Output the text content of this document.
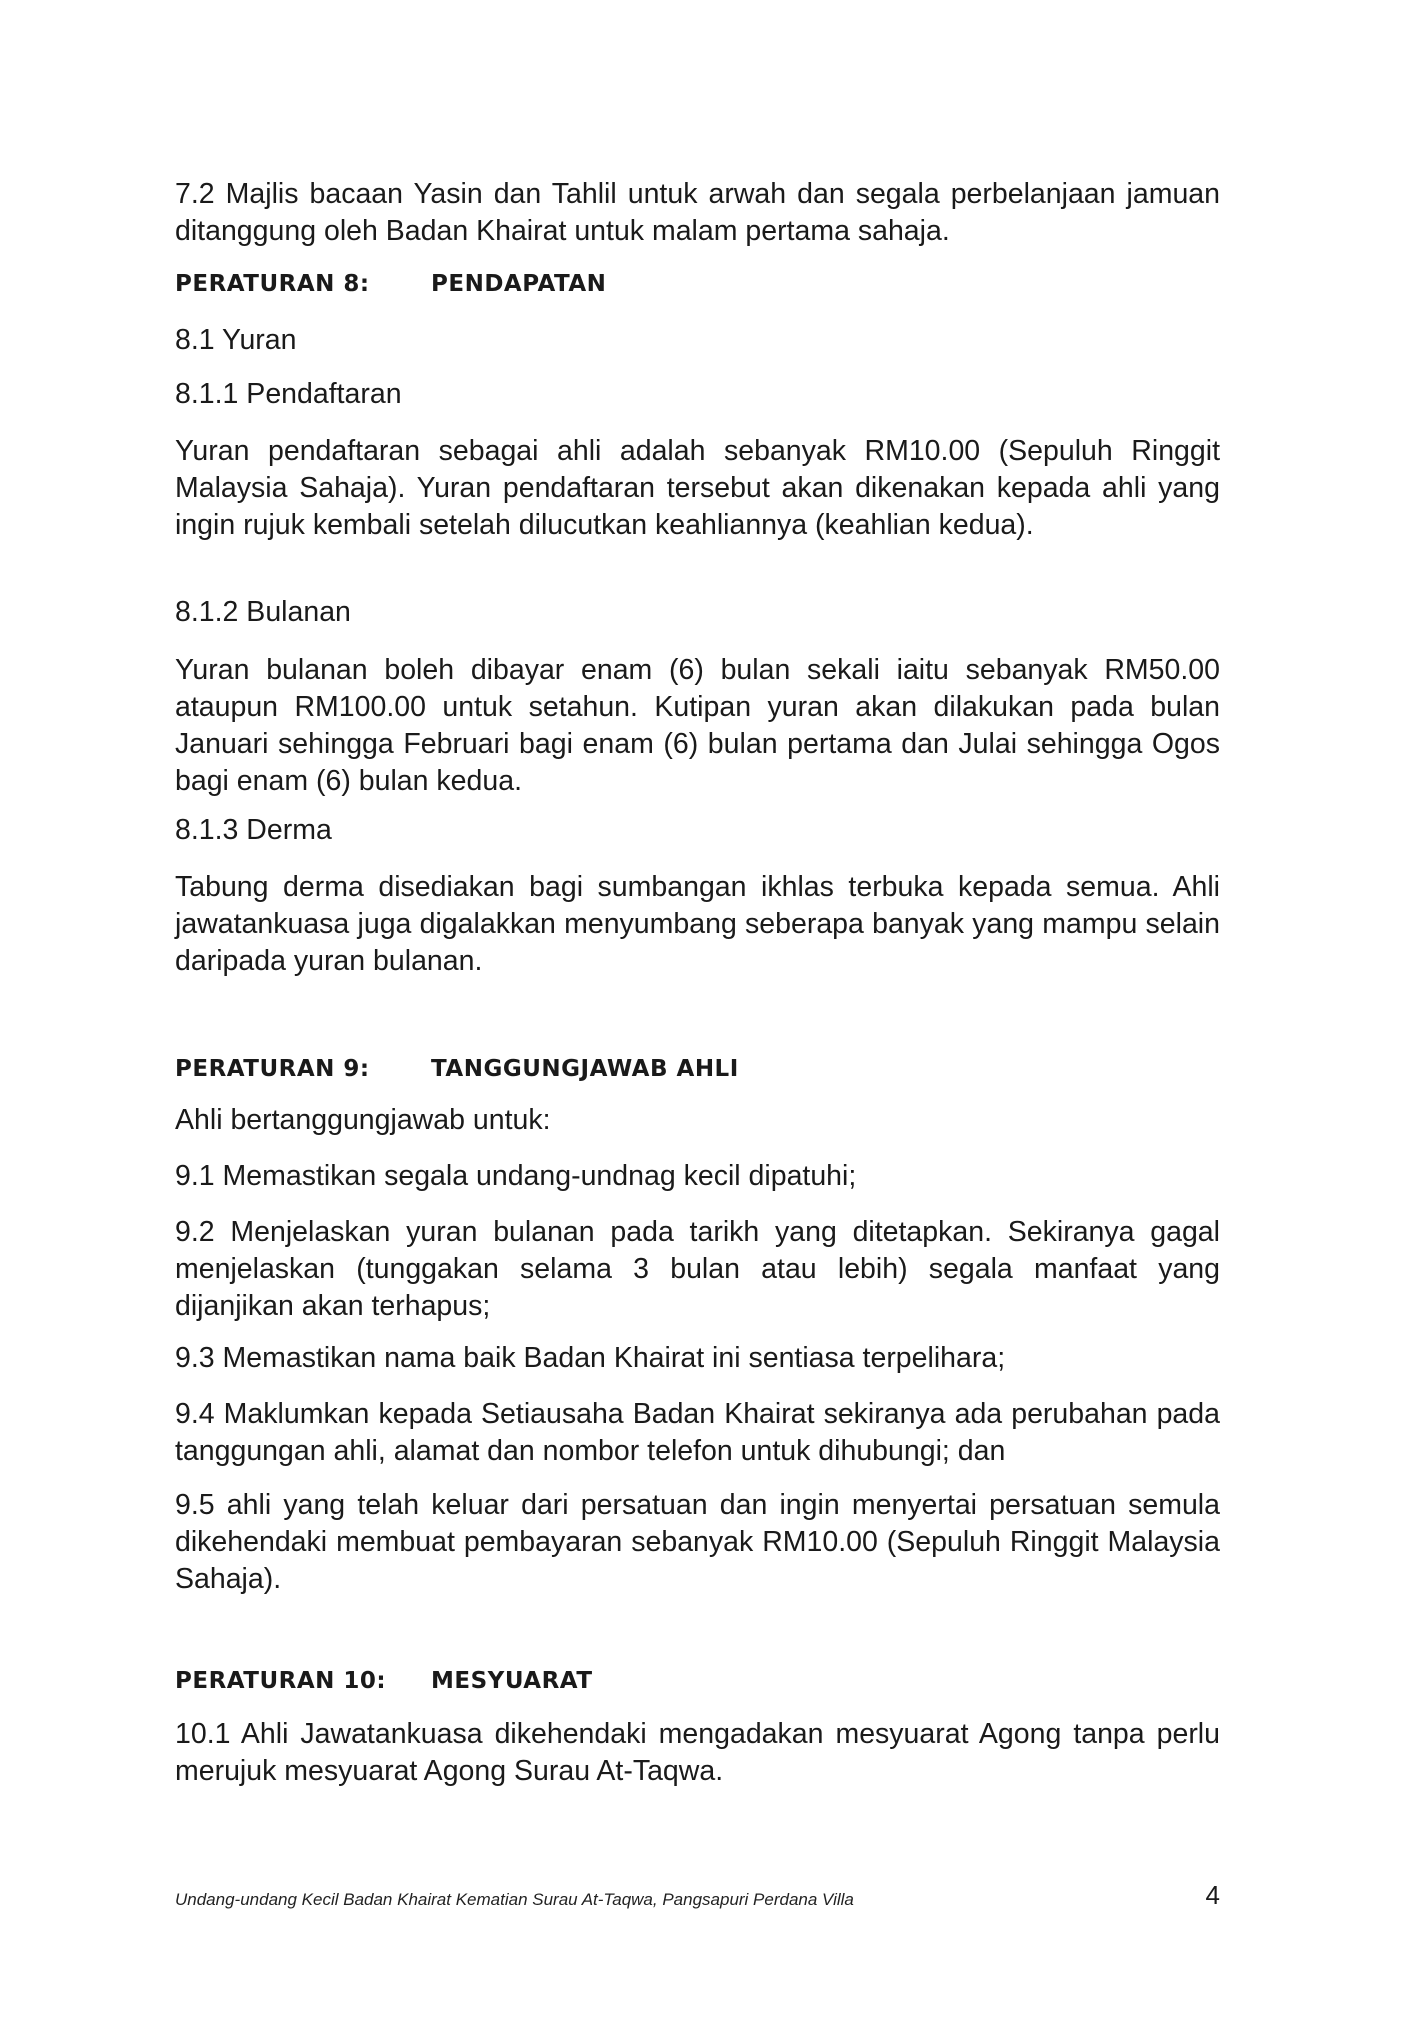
7.2 Majlis bacaan Yasin dan Tahlil untuk arwah dan segala perbelanjaan jamuan ditanggung oleh Badan Khairat untuk malam pertama sahaja.

PERATURAN 8:	PENDAPATAN

8.1 Yuran

8.1.1 Pendaftaran

Yuran pendaftaran sebagai ahli adalah sebanyak RM10.00 (Sepuluh Ringgit Malaysia Sahaja). Yuran pendaftaran tersebut akan dikenakan kepada ahli yang ingin rujuk kembali setelah dilucutkan keahliannya (keahlian kedua).

8.1.2 Bulanan

Yuran bulanan boleh dibayar enam (6) bulan sekali iaitu sebanyak RM50.00 ataupun RM100.00 untuk setahun. Kutipan yuran akan dilakukan pada bulan Januari sehingga Februari bagi enam (6) bulan pertama dan Julai sehingga Ogos bagi enam (6) bulan kedua.

8.1.3 Derma

Tabung derma disediakan bagi sumbangan ikhlas terbuka kepada semua. Ahli jawatankuasa juga digalakkan menyumbang seberapa banyak yang mampu selain daripada yuran bulanan.

PERATURAN 9:	TANGGUNGJAWAB AHLI

Ahli bertanggungjawab untuk:

9.1 Memastikan segala undang-undnag kecil dipatuhi;

9.2 Menjelaskan yuran bulanan pada tarikh yang ditetapkan. Sekiranya gagal menjelaskan (tunggakan selama 3 bulan atau lebih) segala manfaat yang dijanjikan akan terhapus;

9.3 Memastikan nama baik Badan Khairat ini sentiasa terpelihara;

9.4 Maklumkan kepada Setiausaha Badan Khairat sekiranya ada perubahan pada tanggungan ahli, alamat dan nombor telefon untuk dihubungi; dan

9.5 ahli yang telah keluar dari persatuan dan ingin menyertai persatuan semula dikehendaki membuat pembayaran sebanyak RM10.00 (Sepuluh Ringgit Malaysia Sahaja).

PERATURAN 10: MESYUARAT

10.1 Ahli Jawatankuasa dikehendaki mengadakan mesyuarat Agong tanpa perlu merujuk mesyuarat Agong Surau At-Taqwa.

Undang-undang Kecil Badan Khairat Kematian Surau At-Taqwa, Pangsapuri Perdana Villa	4
